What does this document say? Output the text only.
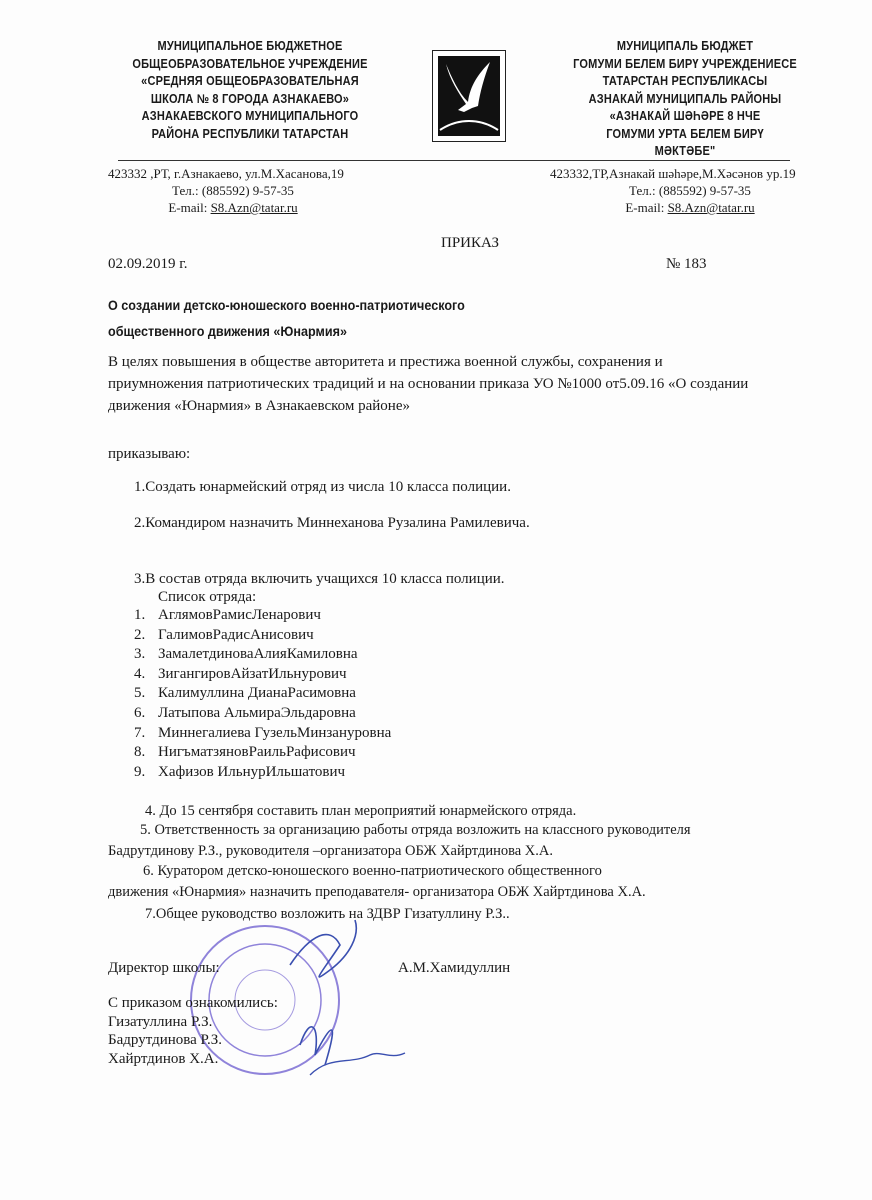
МУНИЦИПАЛЬНОЕ БЮДЖЕТНОЕ
ОБЩЕОБРАЗОВАТЕЛЬНОЕ УЧРЕЖДЕНИЕ
«СРЕДНЯЯ ОБЩЕОБРАЗОВАТЕЛЬНАЯ
ШКОЛА № 8 ГОРОДА АЗНАКАЕВО»
АЗНАКАЕВСКОГО МУНИЦИПАЛЬНОГО
РАЙОНА РЕСПУБЛИКИ ТАТАРСТАН
МУНИЦИПАЛЬ БЮДЖЕТ
ГОМУМИ БЕЛЕМ БИРҮ УЧРЕЖДЕНИЕСЕ
ТАТАРСТАН РЕСПУБЛИКАСЫ
АЗНАКАЙ МУНИЦИПАЛЬ РАЙОНЫ
«АЗНАКАЙ ШӘҺӘРЕ 8 НЧЕ
ГОМУМИ УРТА БЕЛЕМ БИРҮ
МӘКТӘБЕ"
423332 ,РТ, г.Азнакаево, ул.М.Хасанова,19
Тел.: (885592) 9-57-35
E-mail: S8.Azn@tatar.ru
423332,ТР,Азнакай шәһәре,М.Хәсәнов ур.19
Тел.: (885592) 9-57-35
E-mail: S8.Azn@tatar.ru
ПРИКАЗ
02.09.2019 г.	№ 183
О создании детско-юношеского военно-патриотического
общественного движения «Юнармия»
В целях повышения в обществе авторитета и престижа военной службы, сохранения и
приумножения патриотических традиций и на основании приказа УО №1000 от5.09.16 «О создании
движения «Юнармия» в Азнакаевском районе»
приказываю:
1.Создать юнармейский отряд из числа 10 класса полиции.
2.Командиром назначить Миннеханова Рузалина Рамилевича.
3.В состав отряда включить учащихся 10 класса полиции.
Список отряда:
1. АглямовРамисЛенарович
2. ГалимовРадисАнисович
3. ЗамалетдиноваАлияКамиловна
4. ЗигангировАйзатИльнурович
5. Калимуллина ДианаРасимовна
6. Латыпова АльмираЭльдаровна
7. Миннегалиева ГузельМинзануровна
8. НигъматзяновРаильРафисович
9. Хафизов ИльнурИльшатович
4. До 15 сентября составить план мероприятий юнармейского отряда.
5. Ответственность за организацию работы отряда возложить на классного руководителя
Бадрутдинову Р.З., руководителя –организатора ОБЖ Хайртдинова Х.А.
6. Куратором детско-юношеского военно-патриотического общественного
движения «Юнармия» назначить преподавателя- организатора ОБЖ Хайртдинова Х.А.
7.Общее руководство возложить на ЗДВР Гизатуллину Р.З..
Директор школы:	А.М.Хамидуллин
С приказом ознакомились:
Гизатуллина Р.З.
Бадрутдинова Р.З.
Хайртдинов Х.А.
